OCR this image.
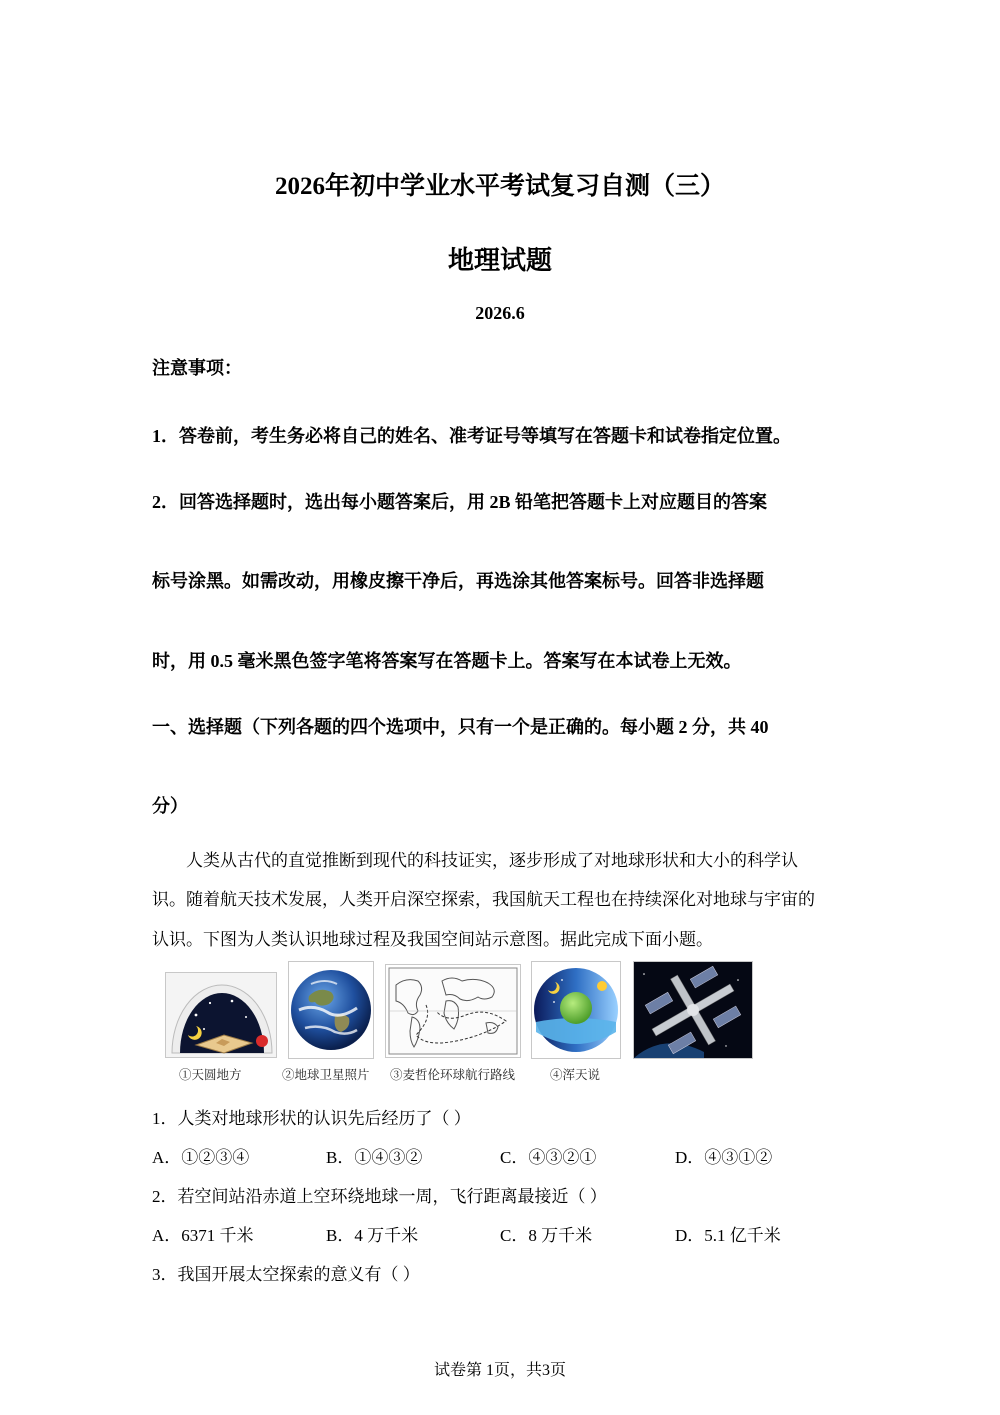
2026年初中学业水平考试复习自测（三）
地理试题
2026.6
注意事项：
1．答卷前，考生务必将自己的姓名、准考证号等填写在答题卡和试卷指定位置。
2．回答选择题时，选出每小题答案后，用 2B 铅笔把答题卡上对应题目的答案
标号涂黑。如需改动，用橡皮擦干净后，再选涂其他答案标号。回答非选择题
时，用 0.5 毫米黑色签字笔将答案写在答题卡上。答案写在本试卷上无效。
一、选择题（下列各题的四个选项中，只有一个是正确的。每小题 2 分，共 40
分）
人类从古代的直觉推断到现代的科技证实，逐步形成了对地球形状和大小的科学认
识。随着航天技术发展，人类开启深空探索，我国航天工程也在持续深化对地球与宇宙的
认识。下图为人类认识地球过程及我国空间站示意图。据此完成下面小题。
①天圆地方	②地球卫星照片 ③麦哲伦环球航行路线	④浑天说
1．人类对地球形状的认识先后经历了（ ）
A．①②③④	B．①④③②	C．④③②①	D．④③①②
2．若空间站沿赤道上空环绕地球一周，飞行距离最接近（ ）
A．6371 千米	B．4 万千米	C．8 万千米	D．5.1 亿千米
3．我国开展太空探索的意义有（ ）
试卷第 1页，共3页
